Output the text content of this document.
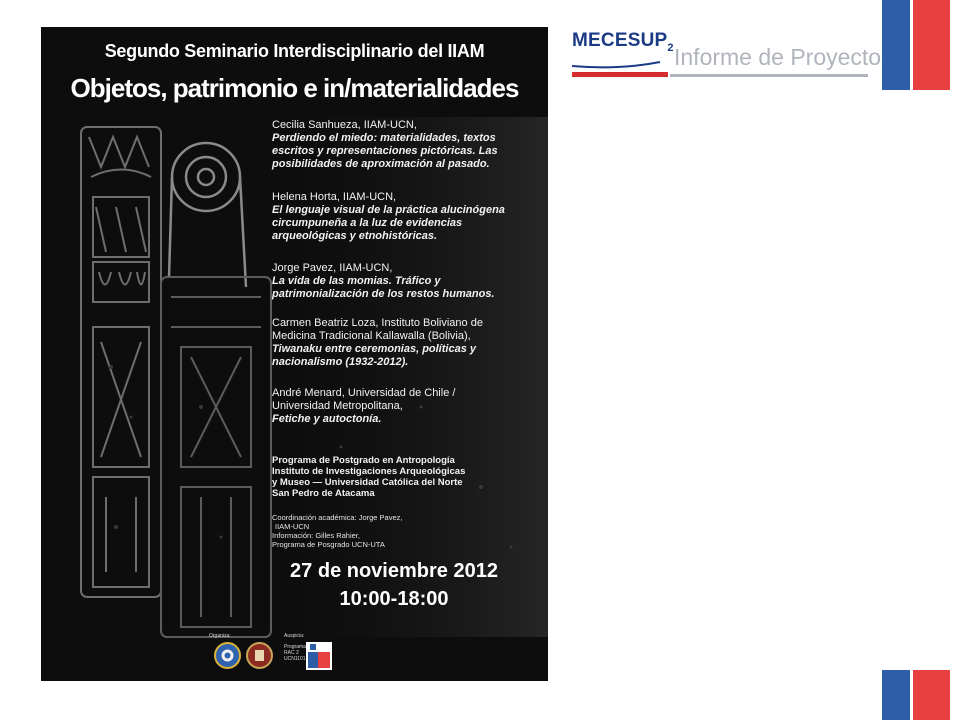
Segundo Seminario Interdisciplinario del IIAM
Objetos, patrimonio e in/materialidades
Cecilia Sanhueza, IIAM-UCN,
Perdiendo el miedo: materialidades, textos
escritos y representaciones pictóricas. Las
posibilidades de aproximación al pasado.
Helena Horta, IIAM-UCN,
El lenguaje visual de la práctica alucinógena
circumpuneña a la luz de evidencias
arqueológicas y etnohistóricas.
Jorge Pavez, IIAM-UCN,
La vida de las momias. Tráfico y
patrimonialización de los restos humanos.
Carmen Beatriz Loza, Instituto Boliviano de
Medicina Tradicional Kallawalla (Bolivia),
Tiwanaku entre ceremonias, políticas y
nacionalismo (1932-2012).
André Menard, Universidad de Chile /
Universidad Metropolitana,
Fetiche y autoctonía.
Programa de Postgrado en Antropología
Instituto de Investigaciones Arqueológicas
y Museo — Universidad Católica del Norte
San Pedro de Atacama
Coordinación académica: Jorge Pavez,
IIAM-UCN
Información: Gilles Rahier,
Programa de Posgrado UCN-UTA
27 de noviembre 2012
10:00-18:00
Organiza:	Auspicia:
Programa
RAC 2
UCN1101
$MECESUP_2$ Informe de Proyecto
